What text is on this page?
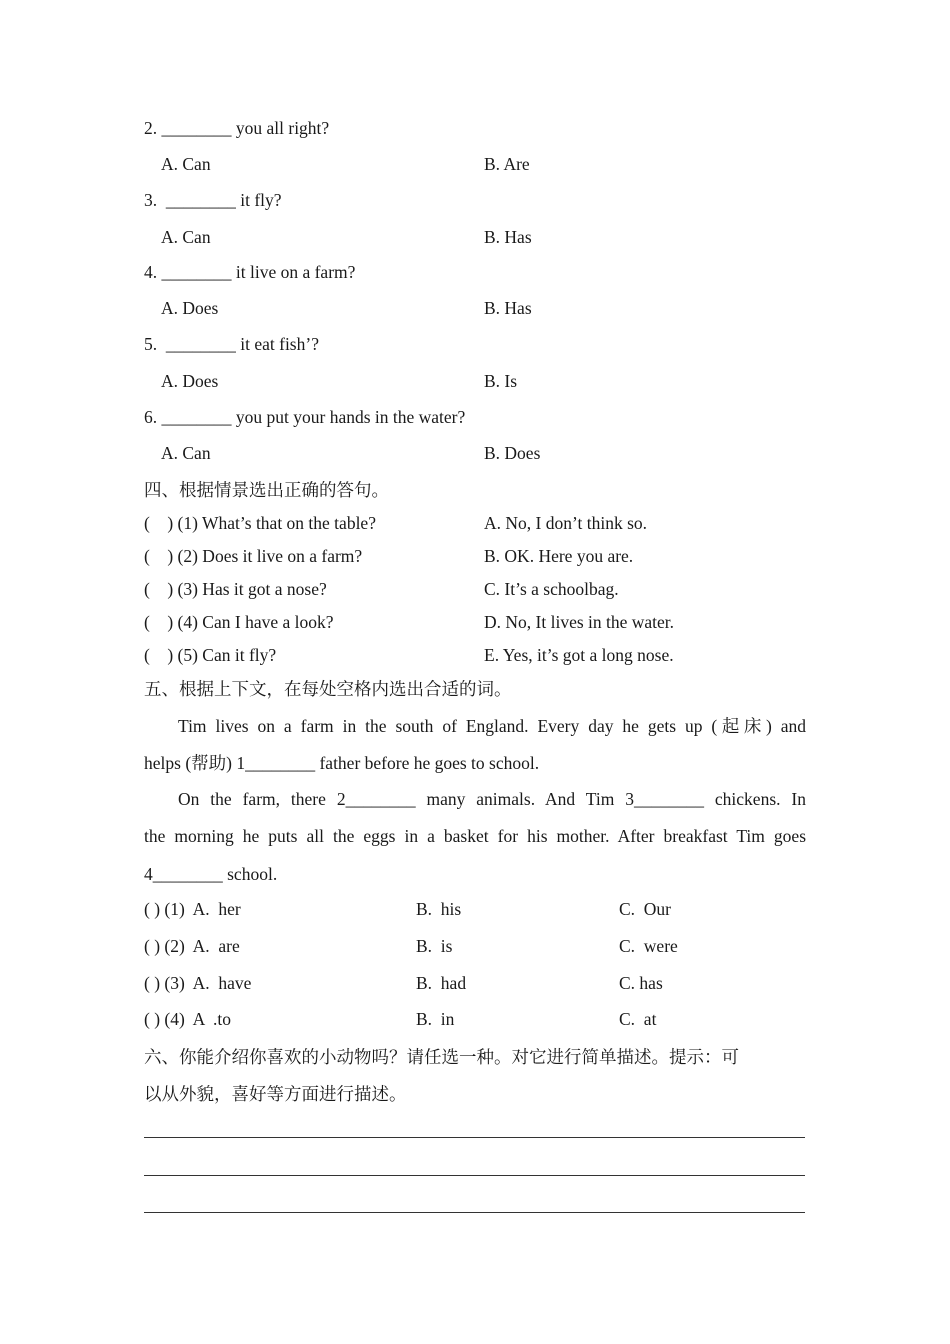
2. ________ you all right?
A. Can	B. Are
3.  ________ it fly?
A. Can	B. Has
4. ________ it live on a farm?
A. Does	B. Has
5.  ________ it eat fish’?
A. Does	B. Is
6. ________ you put your hands in the water?
A. Can	B. Does
四、根据情景选出正确的答句。
(    ) (1) What’s that on the table?	A. No, I don’t think so.
(    ) (2) Does it live on a farm?	B. OK. Here you are.
(    ) (3) Has it got a nose?	C. It’s a schoolbag.
(    ) (4) Can I have a look?	D. No, It lives in the water.
(    ) (5) Can it fly?	E. Yes, it’s got a long nose.
五、根据上下文，在每处空格内选出合适的词。
Tim lives on a farm in the south of England. Every day he gets up (起床) and
helps (帮助) 1________ father before he goes to school.
On the farm, there 2________ many animals. And Tim 3________ chickens. In
the morning he puts all the eggs in a basket for his mother. After breakfast Tim goes
4________ school.
( ) (1)  A.  her	B.  his	C.  Our
( ) (2)  A.  are	B.  is	C.  were
( ) (3)  A.  have	B.  had	C. has
( ) (4)  A  .to	B.  in	C.  at
六、你能介绍你喜欢的小动物吗？请任选一种。对它进行简单描述。提示：可
以从外貌，喜好等方面进行描述。
